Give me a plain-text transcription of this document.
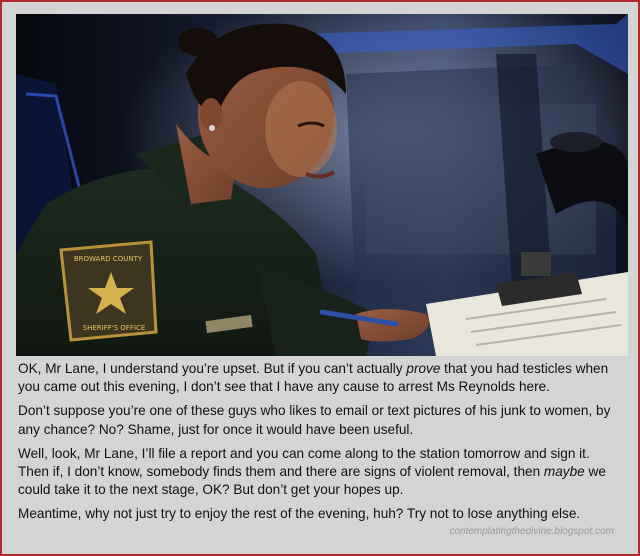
BROWARD COUNTY
SHERIFF'S OFFICE

OK, Mr Lane, I understand you’re upset. But if you can’t actually prove that you had testicles when you came out this evening, I don’t see that I have any cause to arrest Ms Reynolds here.

Don’t suppose you’re one of these guys who likes to email or text pictures of his junk to women, by any chance? No? Shame, just for once it would have been useful.

Well, look, Mr Lane, I’ll file a report and you can come along to the station tomorrow and sign it. Then if, I don’t know, somebody finds them and there are signs of violent removal, then maybe we could take it to the next stage, OK? But don’t get your hopes up.

Meantime, why not just try to enjoy the rest of the evening, huh? Try not to lose anything else.

contemplatingthedivine.blogspot.com
